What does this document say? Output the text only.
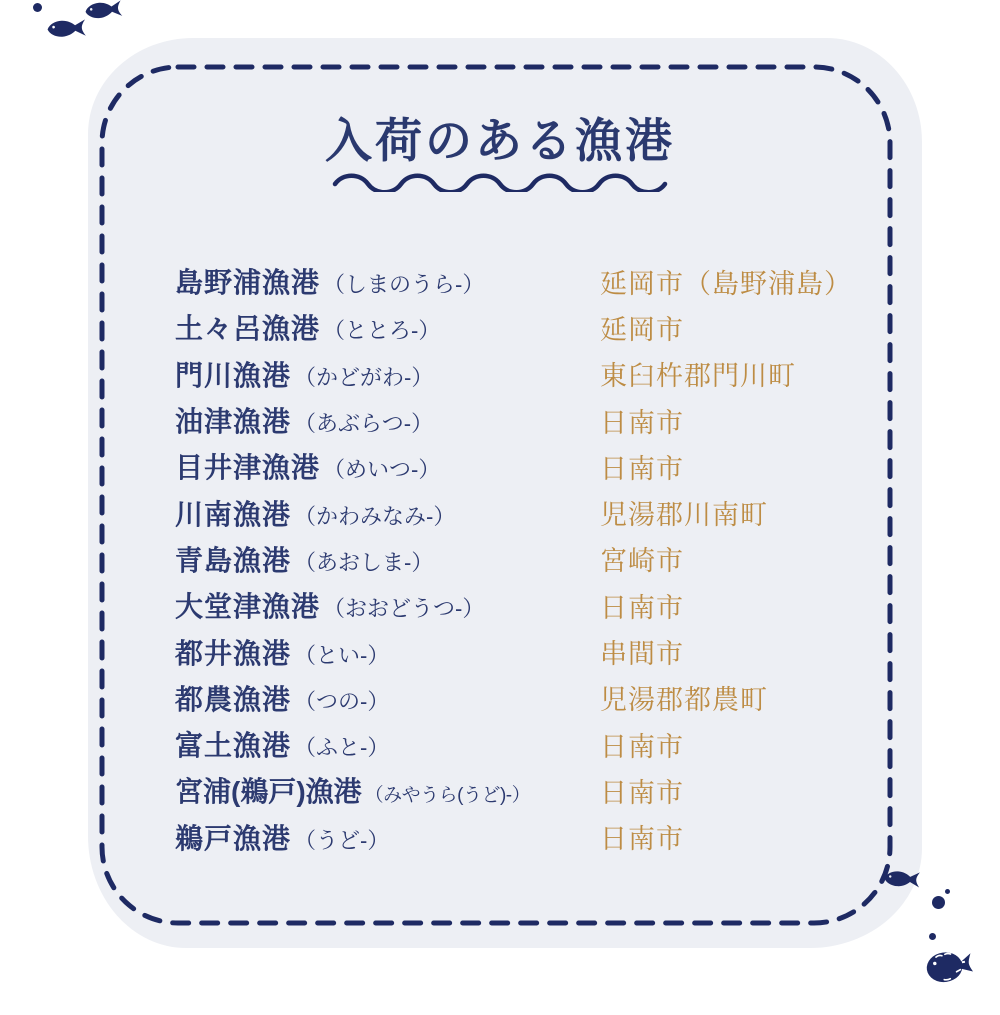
入荷のある漁港
島野浦漁港 （しまのうら-）	延岡市（島野浦島）
土々呂漁港 （ととろ-）	延岡市
門川漁港 （かどがわ-）	東臼杵郡門川町
油津漁港 （あぶらつ-）	日南市
目井津漁港 （めいつ-）	日南市
川南漁港 （かわみなみ-）	児湯郡川南町
青島漁港 （あおしま-）	宮崎市
大堂津漁港 （おおどうつ-）	日南市
都井漁港 （とい-）	串間市
都農漁港 （つの-）	児湯郡都農町
富土漁港 （ふと-）	日南市
宮浦(鵜戸)漁港 （みやうら(うど)-）	日南市
鵜戸漁港 （うど-）	日南市
